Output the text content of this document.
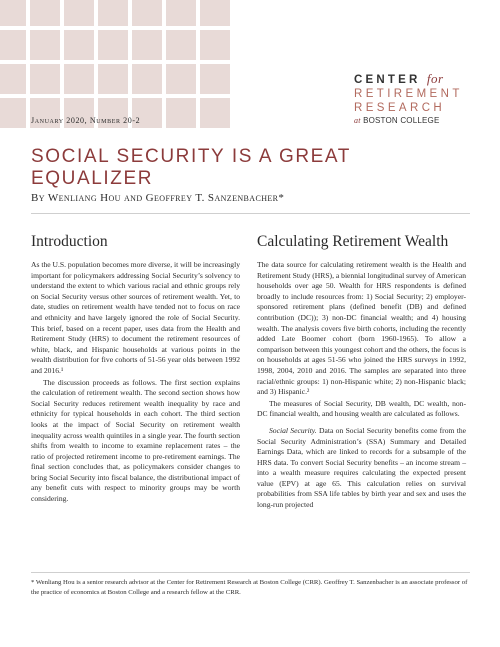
CENTER for
RETIREMENT
RESEARCH
at BOSTON COLLEGE
January 2020, Number 20-2
SOCIAL SECURITY IS A GREAT EQUALIZER
By Wenliang Hou and Geoffrey T. Sanzenbacher*
Introduction

As the U.S. population becomes more diverse, it will be increasingly important for policymakers addressing Social Security’s solvency to understand the extent to which various racial and ethnic groups rely on Social Security versus other sources of retirement wealth. Yet, to date, studies on retirement wealth have tended not to focus on race and ethnicity and have largely ignored the role of Social Security. This brief, based on a recent paper, uses data from the Health and Retirement Study (HRS) to document the retirement resources of white, black, and Hispanic households at various points in the wealth distribution for five cohorts of 51-56 year olds between 1992 and 2016.¹

The discussion proceeds as follows. The first section explains the calculation of retirement wealth. The second section shows how Social Security reduces retirement wealth inequality by race and ethnicity for typical households in each cohort. The third section looks at the impact of Social Security on retirement wealth inequality across wealth quintiles in a single year. The fourth section shifts from wealth to income to examine replacement rates – the ratio of projected retirement income to pre-retirement earnings. The final section concludes that, as policymakers consider changes to bring Social Security into fiscal balance, the distributional impact of any benefit cuts with respect to minority groups may be worth considering.

Calculating Retirement Wealth

The data source for calculating retirement wealth is the Health and Retirement Study (HRS), a biennial longitudinal survey of American households over age 50. Wealth for HRS respondents is defined broadly to include resources from: 1) Social Security; 2) employer-sponsored retirement plans (defined benefit (DB) and defined contribution (DC)); 3) non-DC financial wealth; and 4) housing wealth. The analysis covers five birth cohorts, including the recently added Late Boomer cohort (born 1960-1965). To allow a comparison between this youngest cohort and the others, the focus is on households at ages 51-56 who joined the HRS surveys in 1992, 1998, 2004, 2010 and 2016. The samples are separated into three racial/ethnic groups: 1) non-Hispanic white; 2) non-Hispanic black; and 3) Hispanic.²

The measures of Social Security, DB wealth, DC wealth, non-DC financial wealth, and housing wealth are calculated as follows.

Social Security. Data on Social Security benefits come from the Social Security Administration’s (SSA) Summary and Detailed Earnings Data, which are linked to records for a subsample of the HRS data. To convert Social Security benefits – an income stream – into a wealth measure requires calculating the expected present value (EPV) at age 65. This calculation relies on survival probabilities from SSA life tables by birth year and sex and uses the long-run projected

* Wenliang Hou is a senior research advisor at the Center for Retirement Research at Boston College (CRR). Geoffrey T. Sanzenbacher is an associate professor of the practice of economics at Boston College and a research fellow at the CRR.
